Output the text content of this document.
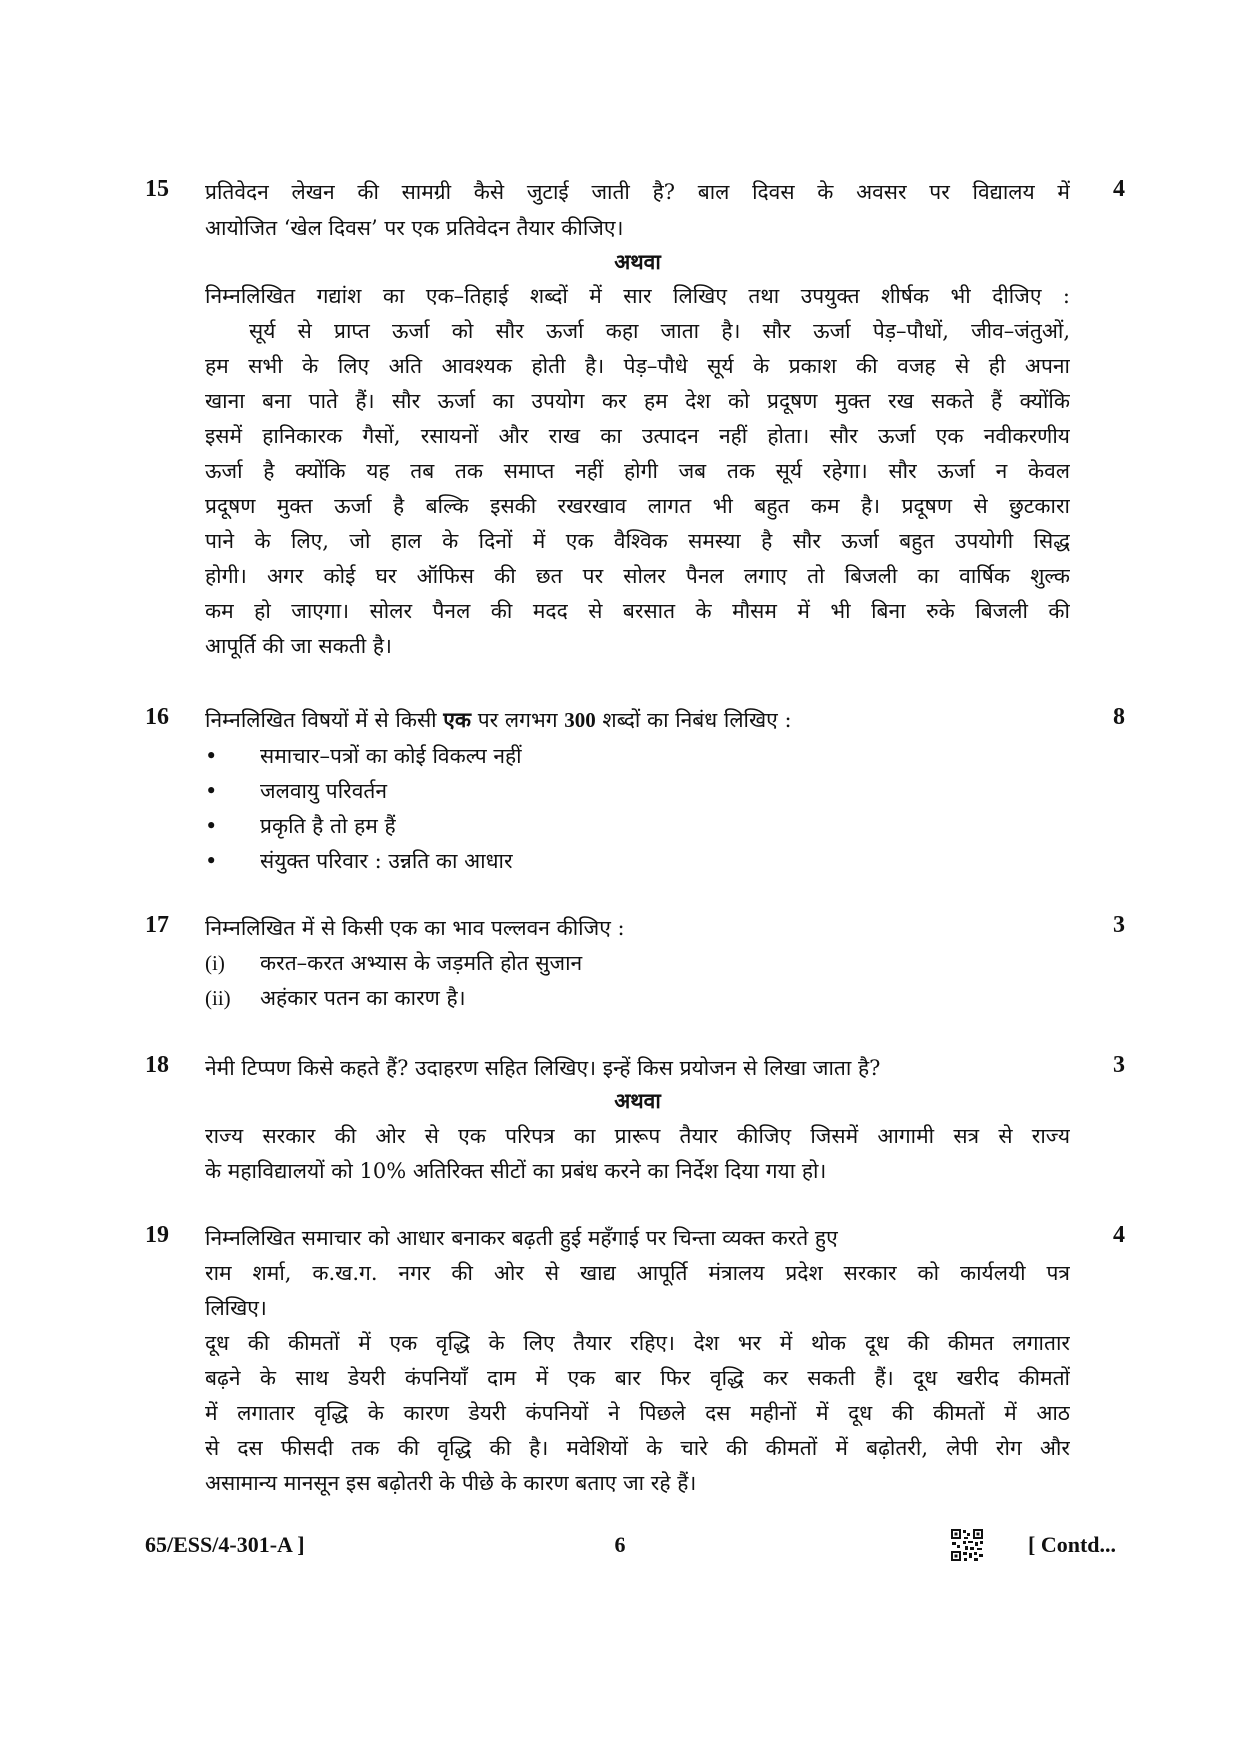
15	4
प्रतिवेदन लेखन की सामग्री कैसे जुटाई जाती है? बाल दिवस के अवसर पर विद्यालय में
आयोजित ‘खेल दिवस’ पर एक प्रतिवेदन तैयार कीजिए।
अथवा
निम्नलिखित गद्यांश का एक–तिहाई शब्दों में सार लिखिए तथा उपयुक्त शीर्षक भी दीजिए :
सूर्य से प्राप्त ऊर्जा को सौर ऊर्जा कहा जाता है। सौर ऊर्जा पेड़–पौधों, जीव–जंतुओं,
हम सभी के लिए अति आवश्यक होती है। पेड़–पौधे सूर्य के प्रकाश की वजह से ही अपना
खाना बना पाते हैं। सौर ऊर्जा का उपयोग कर हम देश को प्रदूषण मुक्त रख सकते हैं क्योंकि
इसमें हानिकारक गैसों, रसायनों और राख का उत्पादन नहीं होता। सौर ऊर्जा एक नवीकरणीय
ऊर्जा है क्योंकि यह तब तक समाप्त नहीं होगी जब तक सूर्य रहेगा। सौर ऊर्जा न केवल
प्रदूषण मुक्त ऊर्जा है बल्कि इसकी रखरखाव लागत भी बहुत कम है। प्रदूषण से छुटकारा
पाने के लिए, जो हाल के दिनों में एक वैश्विक समस्या है सौर ऊर्जा बहुत उपयोगी सिद्ध
होगी। अगर कोई घर ऑफिस की छत पर सोलर पैनल लगाए तो बिजली का वार्षिक शुल्क
कम हो जाएगा। सोलर पैनल की मदद से बरसात के मौसम में भी बिना रुके बिजली की
आपूर्ति की जा सकती है।
16	8
निम्नलिखित विषयों में से किसी एक पर लगभग 300 शब्दों का निबंध लिखिए :
•	समाचार–पत्रों का कोई विकल्प नहीं
•	जलवायु परिवर्तन
•	प्रकृति है तो हम हैं
•	संयुक्त परिवार : उन्नति का आधार
17	3
निम्नलिखित में से किसी एक का भाव पल्लवन कीजिए :
(i) करत–करत अभ्यास के जड़मति होत सुजान
(ii) अहंकार पतन का कारण है।
18	3
नेमी टिप्पण किसे कहते हैं? उदाहरण सहित लिखिए। इन्हें किस प्रयोजन से लिखा जाता है?
अथवा
राज्य सरकार की ओर से एक परिपत्र का प्रारूप तैयार कीजिए जिसमें आगामी सत्र से राज्य
के महाविद्यालयों को 10% अतिरिक्त सीटों का प्रबंध करने का निर्देश दिया गया हो।
19	4
निम्नलिखित समाचार को आधार बनाकर बढ़ती हुई महँगाई पर चिन्ता व्यक्त करते हुए
राम शर्मा, क.ख.ग. नगर की ओर से खाद्य आपूर्ति मंत्रालय प्रदेश सरकार को कार्यलयी पत्र
लिखिए।
दूध की कीमतों में एक वृद्धि के लिए तैयार रहिए। देश भर में थोक दूध की कीमत लगातार
बढ़ने के साथ डेयरी कंपनियाँ दाम में एक बार फिर वृद्धि कर सकती हैं। दूध खरीद कीमतों
में लगातार वृद्धि के कारण डेयरी कंपनियों ने पिछले दस महीनों में दूध की कीमतों में आठ
से दस फीसदी तक की वृद्धि की है। मवेशियों के चारे की कीमतों में बढ़ोतरी, लेपी रोग और
असामान्य मानसून इस बढ़ोतरी के पीछे के कारण बताए जा रहे हैं।
65/ESS/4-301-A ]	6	[ Contd...
